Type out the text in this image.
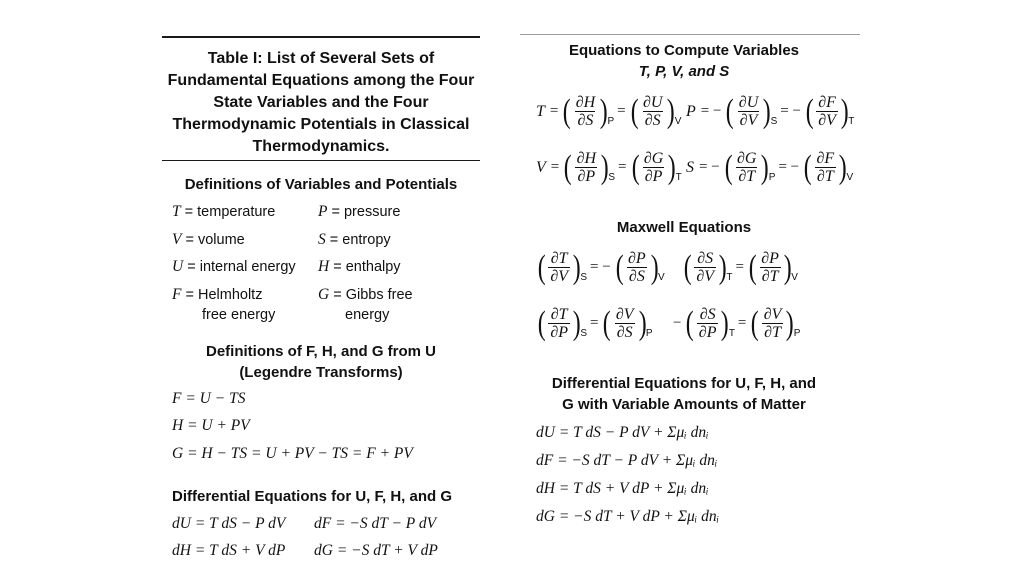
Table I: List of Several Sets of Fundamental Equations among the Four State Variables and the Four Thermodynamic Potentials in Classical Thermodynamics.
Definitions of Variables and Potentials
T = temperature	P = pressure
V = volume	S = entropy
U = internal energy H = enthalpy
F = Helmholtz	G = Gibbs free
free energy	energy
Definitions of F, H, and G from U
(Legendre Transforms)
F = U − TS
H = U + PV
G = H − TS = U + PV − TS = F + PV
Differential Equations for U, F, H, and G
dU = T dS − P dV dF = −S dT − P dV
dH = T dS + V dP dG = −S dT + V dP
Equations to Compute Variables
T, P, V, and S
T = ( $\frac{\partial H}{\partial S}$ ) P
= ( $\frac{\partial U}{\partial S}$ ) V
P = − ( $\frac{\partial U}{\partial V}$ ) S
= − ( $\frac{\partial F}{\partial V}$ ) T
V = ( $\frac{\partial H}{\partial P}$ ) S
= ( $\frac{\partial G}{\partial P}$ ) T
S = − ( $\frac{\partial G}{\partial T}$ ) P
= − ( $\frac{\partial F}{\partial T}$ ) V
Maxwell Equations
( $\frac{\partial T}{\partial V}$ ) S
= − ( $\frac{\partial P}{\partial S}$ ) V ( $\frac{\partial S}{\partial V}$ ) T
= ( $\frac{\partial P}{\partial T}$ ) V
( $\frac{\partial T}{\partial P}$ ) S
= ( $\frac{\partial V}{\partial S}$ ) P
− ( $\frac{\partial S}{\partial P}$ ) T
= ( $\frac{\partial V}{\partial T}$ ) P
Differential Equations for U, F, H, and
G with Variable Amounts of Matter
dU = T dS − P dV + Σμᵢ dnᵢ
dF = −S dT − P dV + Σμᵢ dnᵢ
dH = T dS + V dP + Σμᵢ dnᵢ
dG = −S dT + V dP + Σμᵢ dnᵢ
